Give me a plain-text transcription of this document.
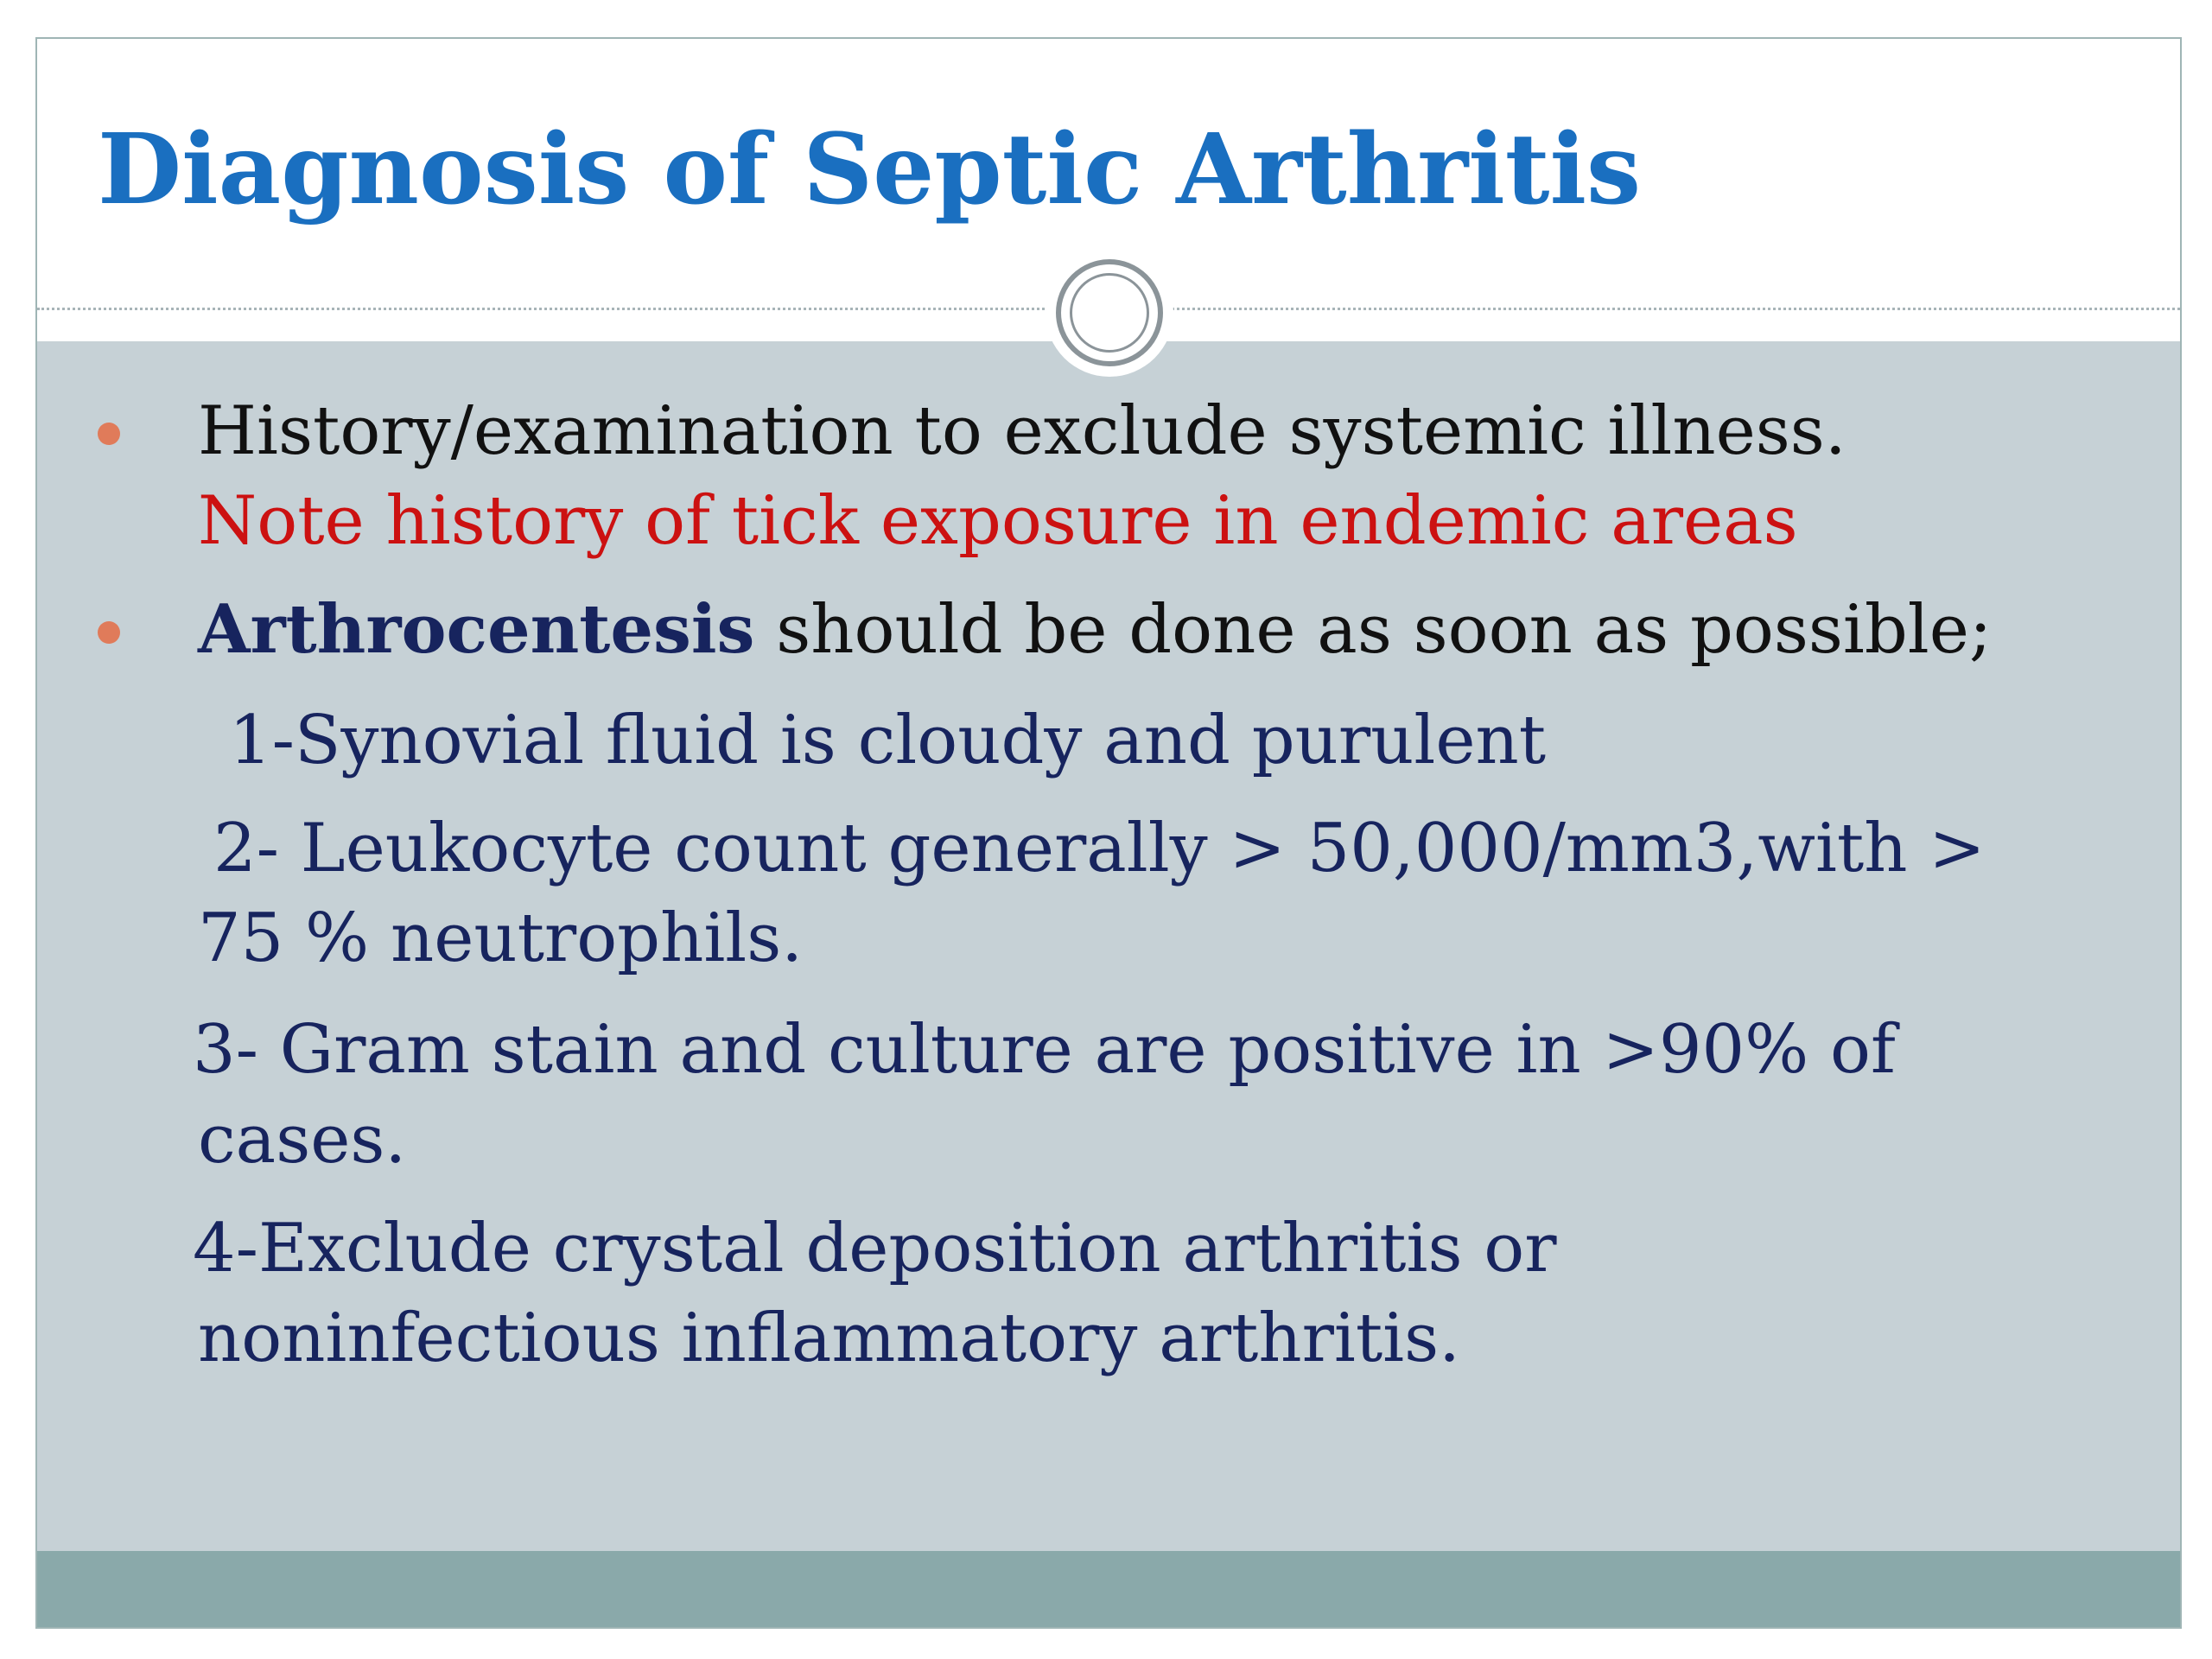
Diagnosis of Septic Arthritis
History/examination to exclude systemic illness.
Note history of tick exposure in endemic areas
Arthrocentesis should be done as soon as possible;
1-Synovial fluid is cloudy and purulent
2- Leukocyte count generally > 50,000/mm3,with >
75 % neutrophils.
3- Gram stain and culture are positive in >90% of
cases.
4-Exclude crystal deposition arthritis or
noninfectious inflammatory arthritis.
